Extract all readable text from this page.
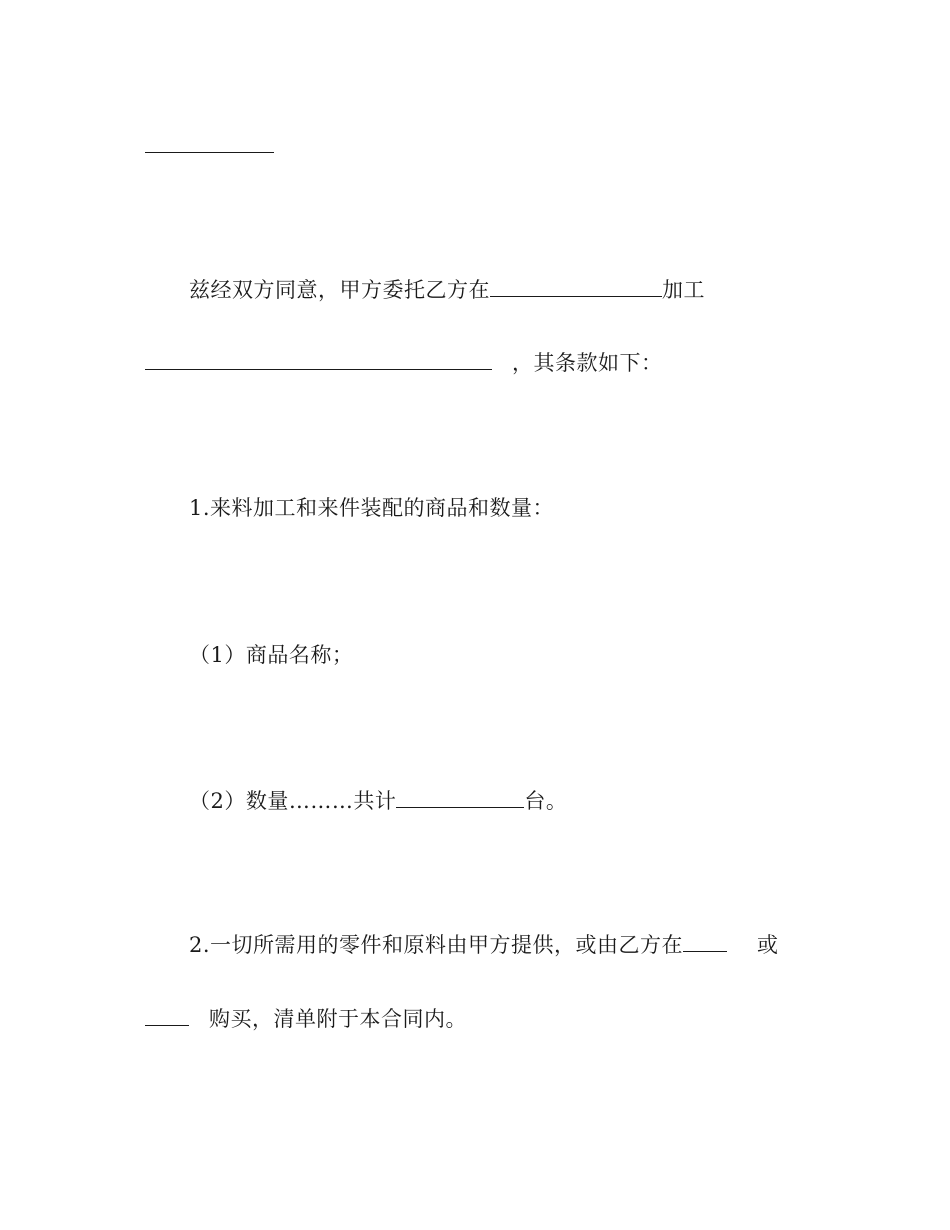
兹经双方同意，甲方委托乙方在	加工
，其条款如下：
1.来料加工和来件装配的商品和数量：
（1）商品名称；
（2）数量………共计	台。
2.一切所需用的零件和原料由甲方提供，或由乙方在	或
购买，清单附于本合同内。
